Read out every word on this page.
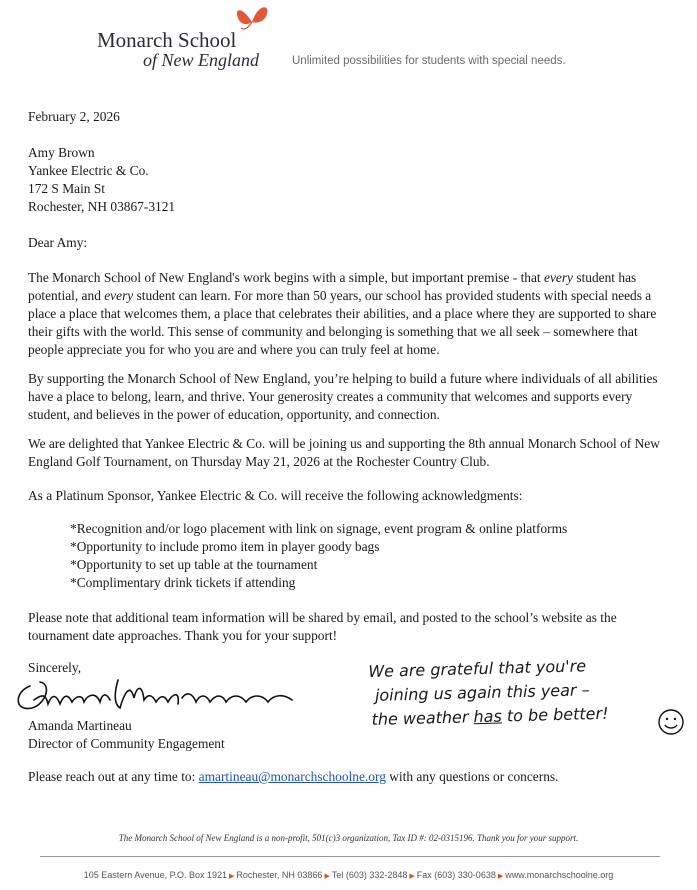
Monarch School
of New England	Unlimited possibilities for students with special needs.

February 2, 2026

Amy Brown
Yankee Electric & Co.
172 S Main St
Rochester, NH 03867-3121

Dear Amy:

The Monarch School of New England's work begins with a simple, but important premise - that every student has potential, and every student can learn. For more than 50 years, our school has provided students with special needs a place a place that welcomes them, a place that celebrates their abilities, and a place where they are supported to share their gifts with the world. This sense of community and belonging is something that we all seek – somewhere that people appreciate you for who you are and where you can truly feel at home.

By supporting the Monarch School of New England, you’re helping to build a future where individuals of all abilities have a place to belong, learn, and thrive. Your generosity creates a community that welcomes and supports every student, and believes in the power of education, opportunity, and connection.

We are delighted that Yankee Electric & Co. will be joining us and supporting the 8th annual Monarch School of New England Golf Tournament, on Thursday May 21, 2026 at the Rochester Country Club.

As a Platinum Sponsor, Yankee Electric & Co. will receive the following acknowledgments:

*Recognition and/or logo placement with link on signage, event program & online platforms
*Opportunity to include promo item in player goody bags
*Opportunity to set up table at the tournament
*Complimentary drink tickets if attending

Please note that additional team information will be shared by email, and posted to the school’s website as the tournament date approaches. Thank you for your support!

Sincerely,

Amanda Martineau

Director of Community Engagement

We are grateful that you're
joining us again this year –
the weather has to be better!

Please reach out at any time to: amartineau@monarchschoolne.org with any questions or concerns.

The Monarch School of New England is a non-profit, 501(c)3 organization, Tax ID #: 02-0315196. Thank you for your support.
105 Eastern Avenue, P.O. Box 1921 ▶ Rochester, NH 03866 ▶ Tel (603) 332-2848 ▶ Fax (603) 330-0638 ▶ www.monarchschoolne.org
